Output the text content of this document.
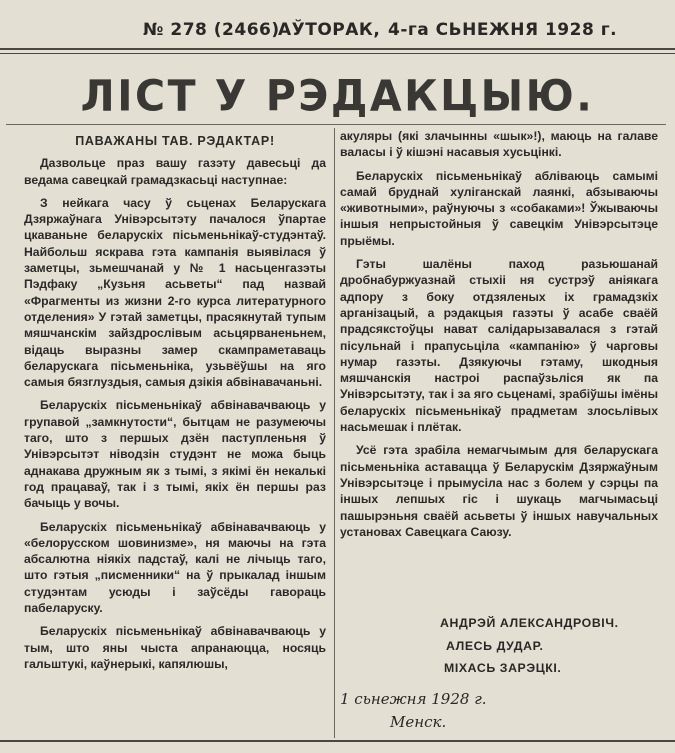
№ 278 (2466)
АЎТОРАК, 4-га СЬНЕЖНЯ 1928 г.
ЛІСТ У РЭДАКЦЫЮ.
ПАВАЖАНЫ ТАВ. РЭДАКТАР!

Дазвольце праз вашу газэту давесьці да ведама савецкай грамадзкасьці наступнае:

З нейкага часу ў сьценах Беларускага Дзяржаўнага Унівэрсытэту пачалося ўпартае цкаваньне беларускіх пісьменьнікаў-студэнтаў. Найбольш яскрава гэта кампанія выявілася ў заметцы, зьмешчанай у № 1 насьценгазэты Пэдфаку „Кузьня асьветы“ пад назвай «Фрагменты из жизни 2-го курса литературного отделения» У гэтай заметцы, прасякнутай тупым мяшчанскім зайздрослівым асьцярваненьнем, відаць выразны замер скампраметаваць беларускага пісьменьніка, узьвёўшы на яго самыя бязглуздыя, самыя дзікія абвінавачаньні.

Беларускіх пісьменьнікаў абвінавачваюць у групавой „замкнутости“, бытцам не разумеючы таго, што з першых дзён паступленьня ў Унівэрсытэт ніводзін студэнт не можа быць аднакава дружным як з тымі, з якімі ён некалькі год працаваў, так і з тымі, якіх ён першы раз бачыць у вочы.

Беларускіх пісьменьнікаў абвінавачваюць у «белорусском шовинизме», ня маючы на гэта абсалютна ніякіх падстаў, калі не лічыць таго, што гэтыя „писменники“ на ў прыкалад іншым студэнтам усюды і заўсёды гавораць пабеларуску.

Беларускіх пісьменьнікаў абвінавачваюць у тым, што яны чыста апранаюцца, носяць гальштукі, каўнерыкі, капялюшы,

акуляры (які злачынны «шык»!), маюць на галаве валасы і ў кішэні насавыя хусьцінкі.

Беларускіх пісьменьнікаў абліваюць самымі самай бруднай хуліганскай лаянкі, абзываючы «животными», раўнуючы з «собаками»! Ўжываючы іншыя непрыстойныя ў савецкім Унівэрсытэце прыёмы.

Гэты шалёны паход разьюшанай дробнабуржуазнай стыхіі ня сустрэў аніякага адпору з боку отдзяленых іх грамадзкіх арганізацый, а рэдакцыя газэты ў асабе сваёй прадсякстоўцы нават салідарызавалася з гэтай пісульнай і прапусьціла «кампанію» ў чарговы нумар газэты. Дзякуючы гэтаму, шкодныя мяшчанскія настроі распаўзьліся як па Унівэрсытэту, так і за яго сьценамі, зрабіўшы імёны беларускіх пісьменьнікаў прадметам злосьлівых насьмешак і плётак.

Усё гэта зрабіла немагчымым для беларускага пісьменьніка аставацца ў Беларускім Дзяржаўным Унівэрсытэце і прымусіла нас з болем у сэрцы па іншых лепшых гіс і шукаць магчымасьці пашырэньня сваёй асьветы ў іншых навучальных установах Савецкага Саюзу.

АНДРЭЙ АЛЕКСАНДРОВІЧ.
АЛЕСЬ ДУДАР.
МІХАСЬ ЗАРЭЦКІ.
1 сьнежня 1928 г.
Менск.
